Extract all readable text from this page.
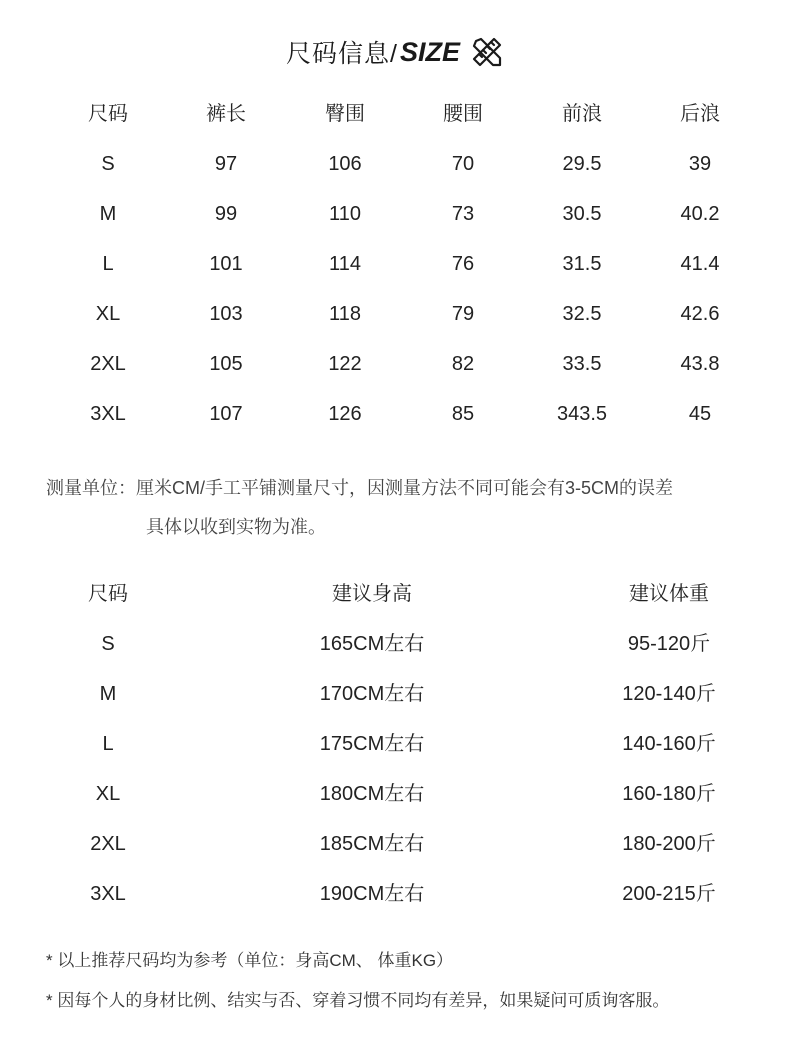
尺码信息/ SIZE
尺码	裤长	臀围	腰围	前浪	后浪
S	97	106	70	29.5	39
M	99	110	73	30.5	40.2
L	101	114	76	31.5	41.4
XL	103	118	79	32.5	42.6
2XL	105	122	82	33.5	43.8
3XL	107	126	85	343.5	45
测量单位：厘米CM/手工平铺测量尺寸，因测量方法不同可能会有3-5CM的误差
具体以收到实物为准。
尺码	建议身高	建议体重
S	165CM左右	95-120斤
M	170CM左右	120-140斤
L	175CM左右	140-160斤
XL	180CM左右	160-180斤
2XL	185CM左右	180-200斤
3XL	190CM左右	200-215斤
* 以上推荐尺码均为参考（单位：身高CM、 体重KG）
* 因每个人的身材比例、结实与否、穿着习惯不同均有差异，如果疑问可质询客服。
